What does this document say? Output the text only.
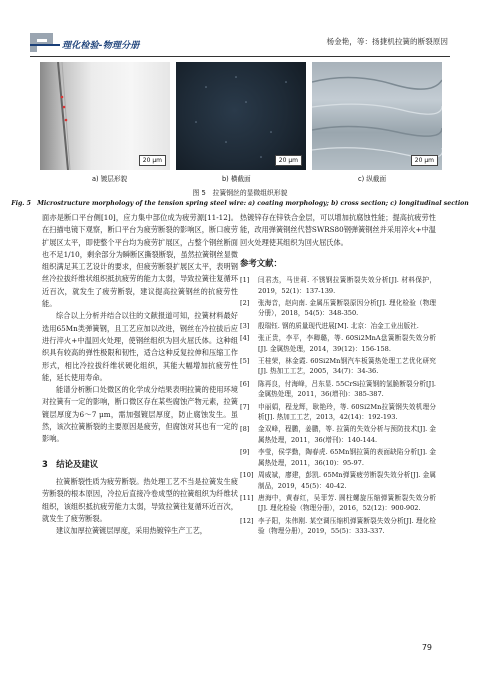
理化检验-物理分册	杨金艳，等：扬捷机拉簧的断裂原因
20 μm	20 μm	20 μm
a) 镀层形貌	b) 横截面	c) 纵截面
图 5　拉簧钢丝的显微组织形貌
Fig. 5　Microstructure morphology of the tension spring steel wire: a) coating morphology; b) cross section; c) longitudinal section

面亦是断口平台侧[10]，应力集中部位成为疲劳源[11-12]。在扫描电镜下观察，断口平台为疲劳断裂的影响区，断口疲劳扩展区太平，即使整个平台均为疲劳扩展区，占整个钢丝断面也不足1/10，剩余部分为瞬断区撕裂断裂，虽然拉簧钢丝显微组织满足其工艺设计的要求，但疲劳断裂扩展区太平，表明钢丝冷拉拔纤维状组织抵抗疲劳的能力太弱，导致拉簧往复循环近百次，就发生了疲劳断裂，建议提高拉簧钢丝的抗疲劳性能。

综合以上分析并结合以往的文献报道可知，拉簧材料最好选用65Mn类弹簧钢，且工艺应加以改进，钢丝在冷拉拔后应进行淬火+中温回火处理，使钢丝组织为回火屈氏体。这种组织具有较高的弹性极限和韧性，适合这种反复拉伸和压缩工作形式，相比冷拉拔纤维状硬化组织，其能大幅增加抗疲劳性能，延长使用寿命。

能谱分析断口处微区的化学成分结果表明拉簧的使用环境对拉簧有一定的影响，断口微区存在某些腐蚀产物元素，拉簧镀层厚度为6～7 μm，需加强镀层厚度，防止腐蚀发生。虽然，该次拉簧断裂的主要原因是疲劳，但腐蚀对其也有一定的影响。

3　结论及建议

拉簧断裂性质为疲劳断裂。热处理工艺不当是拉簧发生疲劳断裂的根本原因，冷拉后直接冷卷成型的拉簧组织为纤维状组织，该组织抵抗疲劳能力太弱，导致拉簧往复循环近百次，就发生了疲劳断裂。

建议加厚拉簧镀层厚度，采用热镀锌生产工艺，

热镀锌存在锌铁合金层，可以增加抗腐蚀性能；提高抗疲劳性能，改用弹簧钢丝代替SWRS80钢弹簧钢丝并采用淬火+中温回火处理使其组织为回火屈氏体。

参考文献：

[1]	闫君杰，马世莉. 不锈钢拉簧断裂失效分析[J]. 材料保护，2019，52(1)：137-139.
[2]	张海音，赵向南. 金属压簧断裂原因分析[J]. 理化检验（物理分册），2018，54(5)：348-350.
[3]	殷瑞钰. 钢的质量现代进展[M]. 北京：冶金工业出版社.
[4]	张正贵，李平，李卿璐，等. 60Si2MnA盘簧断裂失效分析[J]. 金属热处理，2014，39(12)：156-158.
[5]	王桂荣，林金霞. 60Si2Mn钢汽车板簧热处理工艺优化研究[J]. 热加工工艺，2005，34(7)：34-36.
[6]	陈再良，付海峰，吕东显. 55CrSi拉簧钢的氢脆断裂分析[J]. 金属热处理，2011，36(增刊)：385-387.
[7]	申丽娟，程龙辉，耿艳玲，等. 60Si2Mn拉簧钢失效机理分析[J]. 热加工工艺，2013，42(14)：192-193.
[8]	金双峰，程鹏，姜鹏，等. 拉簧的失效分析与预防技术[J]. 金属热处理，2011，36(增刊)：140-144.
[9]	李莹，侯学勤，陶春虎. 65Mn钢拉簧的表面缺陷分析[J]. 金属热处理，2011，36(10)：95-97.
[10] 周威斌，廖建，彭凯. 65Mn弹簧疲劳断裂失效分析[J]. 金属制品，2019，45(5)：40-42.
[11] 唐海中，黄春红，吴菲芳. 圆柱螺旋压缩弹簧断裂失效分析[J]. 理化检验（物理分册），2016，52(12)：900-902.
[12] 李子阳，朱伟刚. 某空调压缩机弹簧断裂失效分析[J]. 理化检验（物理分册），2019，55(5)：333-337.
79
